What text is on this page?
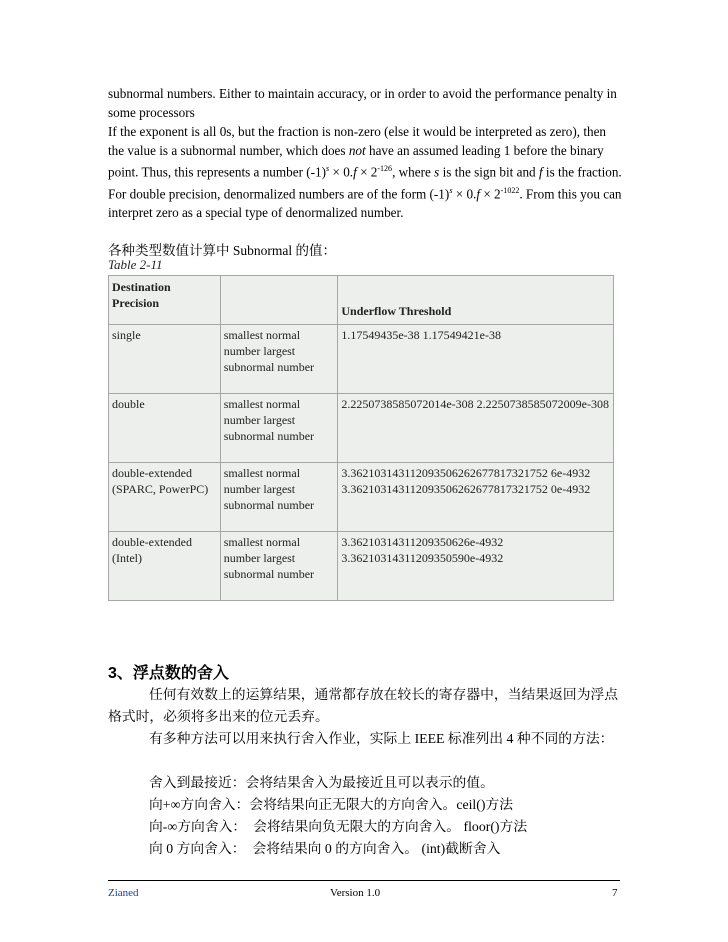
subnormal numbers. Either to maintain accuracy, or in order to avoid the performance penalty in some processors
If the exponent is all 0s, but the fraction is non-zero (else it would be interpreted as zero), then the value is a subnormal number, which does not have an assumed leading 1 before the binary point. Thus, this represents a number $(-1)^s \times 0.f \times 2^{-126}$, where s is the sign bit and f is the fraction. For double precision, denormalized numbers are of the form $(-1)^s \times 0.f \times 2^{-1022}$. From this you can interpret zero as a special type of denormalized number.
各种类型数值计算中 Subnormal 的值：
Table 2-11
Destination Precision		Underflow Threshold
single	smallest normal number largest subnormal number	1.17549435e-38 1.17549421e-38
double	smallest normal number largest subnormal number	2.2250738585072014e-308 2.2250738585072009e-308
double-extended (SPARC, PowerPC)	smallest normal number largest subnormal number	3.362103143112093506262677817321752 6e-4932 3.362103143112093506262677817321752 0e-4932
double-extended (Intel)	smallest normal number largest subnormal number	3.36210314311209350626e-4932 3.36210314311209350590e-4932
3、浮点数的舍入
任何有效数上的运算结果，通常都存放在较长的寄存器中，当结果返回为浮点格式时，必须将多出来的位元丢弃。
有多种方法可以用来执行舍入作业，实际上 IEEE 标准列出 4 种不同的方法：
舍入到最接近：会将结果舍入为最接近且可以表示的值。
向+∞方向舍入：会将结果向正无限大的方向舍入。ceil()方法
向-∞方向舍入：　会将结果向负无限大的方向舍入。 floor()方法
向 0 方向舍入：　会将结果向 0 的方向舍入。 (int)截断舍入
Zianed	Version 1.0	7
